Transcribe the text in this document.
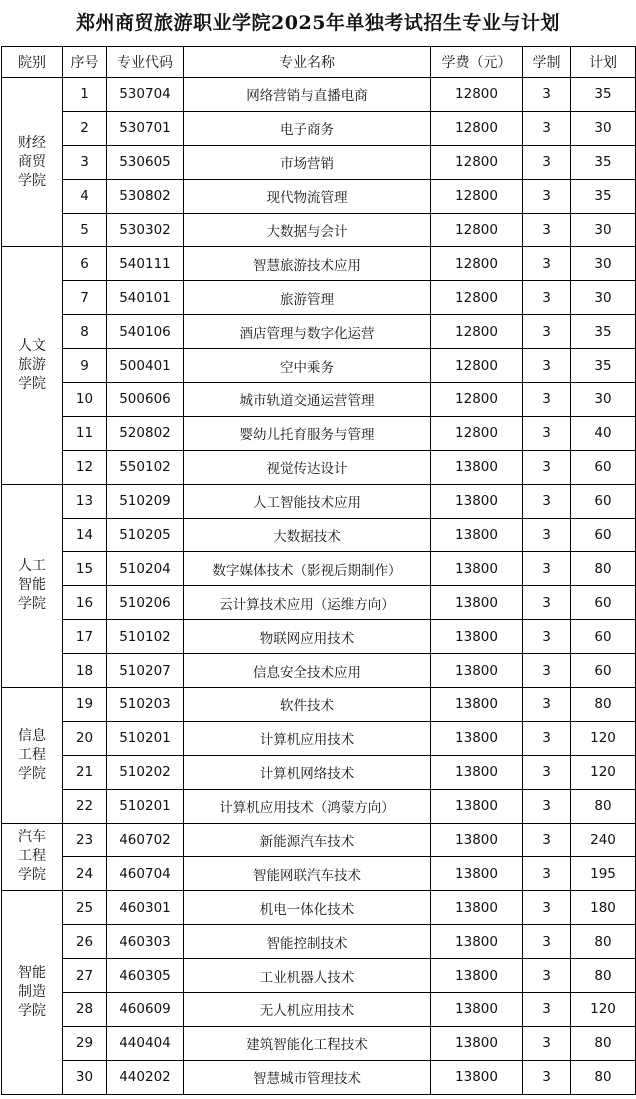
郑州商贸旅游职业学院2025年单独考试招生专业与计划
院别	序号	专业代码	专业名称	学费（元）	学制	计划

财经
商贸
学院	1	530704	网络营销与直播电商	12800	3	35
	2	530701	电子商务	12800	3	30
	3	530605	市场营销	12800	3	35
	4	530802	现代物流管理	12800	3	35
	5	530302	大数据与会计	12800	3	30

人文
旅游
学院	6	540111	智慧旅游技术应用	12800	3	30
	7	540101	旅游管理	12800	3	30
	8	540106	酒店管理与数字化运营	12800	3	35
	9	500401	空中乘务	12800	3	35
	10	500606	城市轨道交通运营管理	12800	3	30
	11	520802	婴幼儿托育服务与管理	12800	3	40
	12	550102	视觉传达设计	13800	3	60

人工
智能
学院	13	510209	人工智能技术应用	13800	3	60
	14	510205	大数据技术	13800	3	60
	15	510204	数字媒体技术（影视后期制作）	13800	3	80
	16	510206	云计算技术应用（运维方向）	13800	3	60
	17	510102	物联网应用技术	13800	3	60
	18	510207	信息安全技术应用	13800	3	60

信息
工程
学院	19	510203	软件技术	13800	3	80
	20	510201	计算机应用技术	13800	3	120
	21	510202	计算机网络技术	13800	3	120
	22	510201	计算机应用技术（鸿蒙方向）	13800	3	80

汽车
工程
学院	23	460702	新能源汽车技术	13800	3	240
	24	460704	智能网联汽车技术	13800	3	195

智能
制造
学院	25	460301	机电一体化技术	13800	3	180
	26	460303	智能控制技术	13800	3	80
	27	460305	工业机器人技术	13800	3	80
	28	460609	无人机应用技术	13800	3	120
	29	440404	建筑智能化工程技术	13800	3	80
	30	440202	智慧城市管理技术	13800	3	80
